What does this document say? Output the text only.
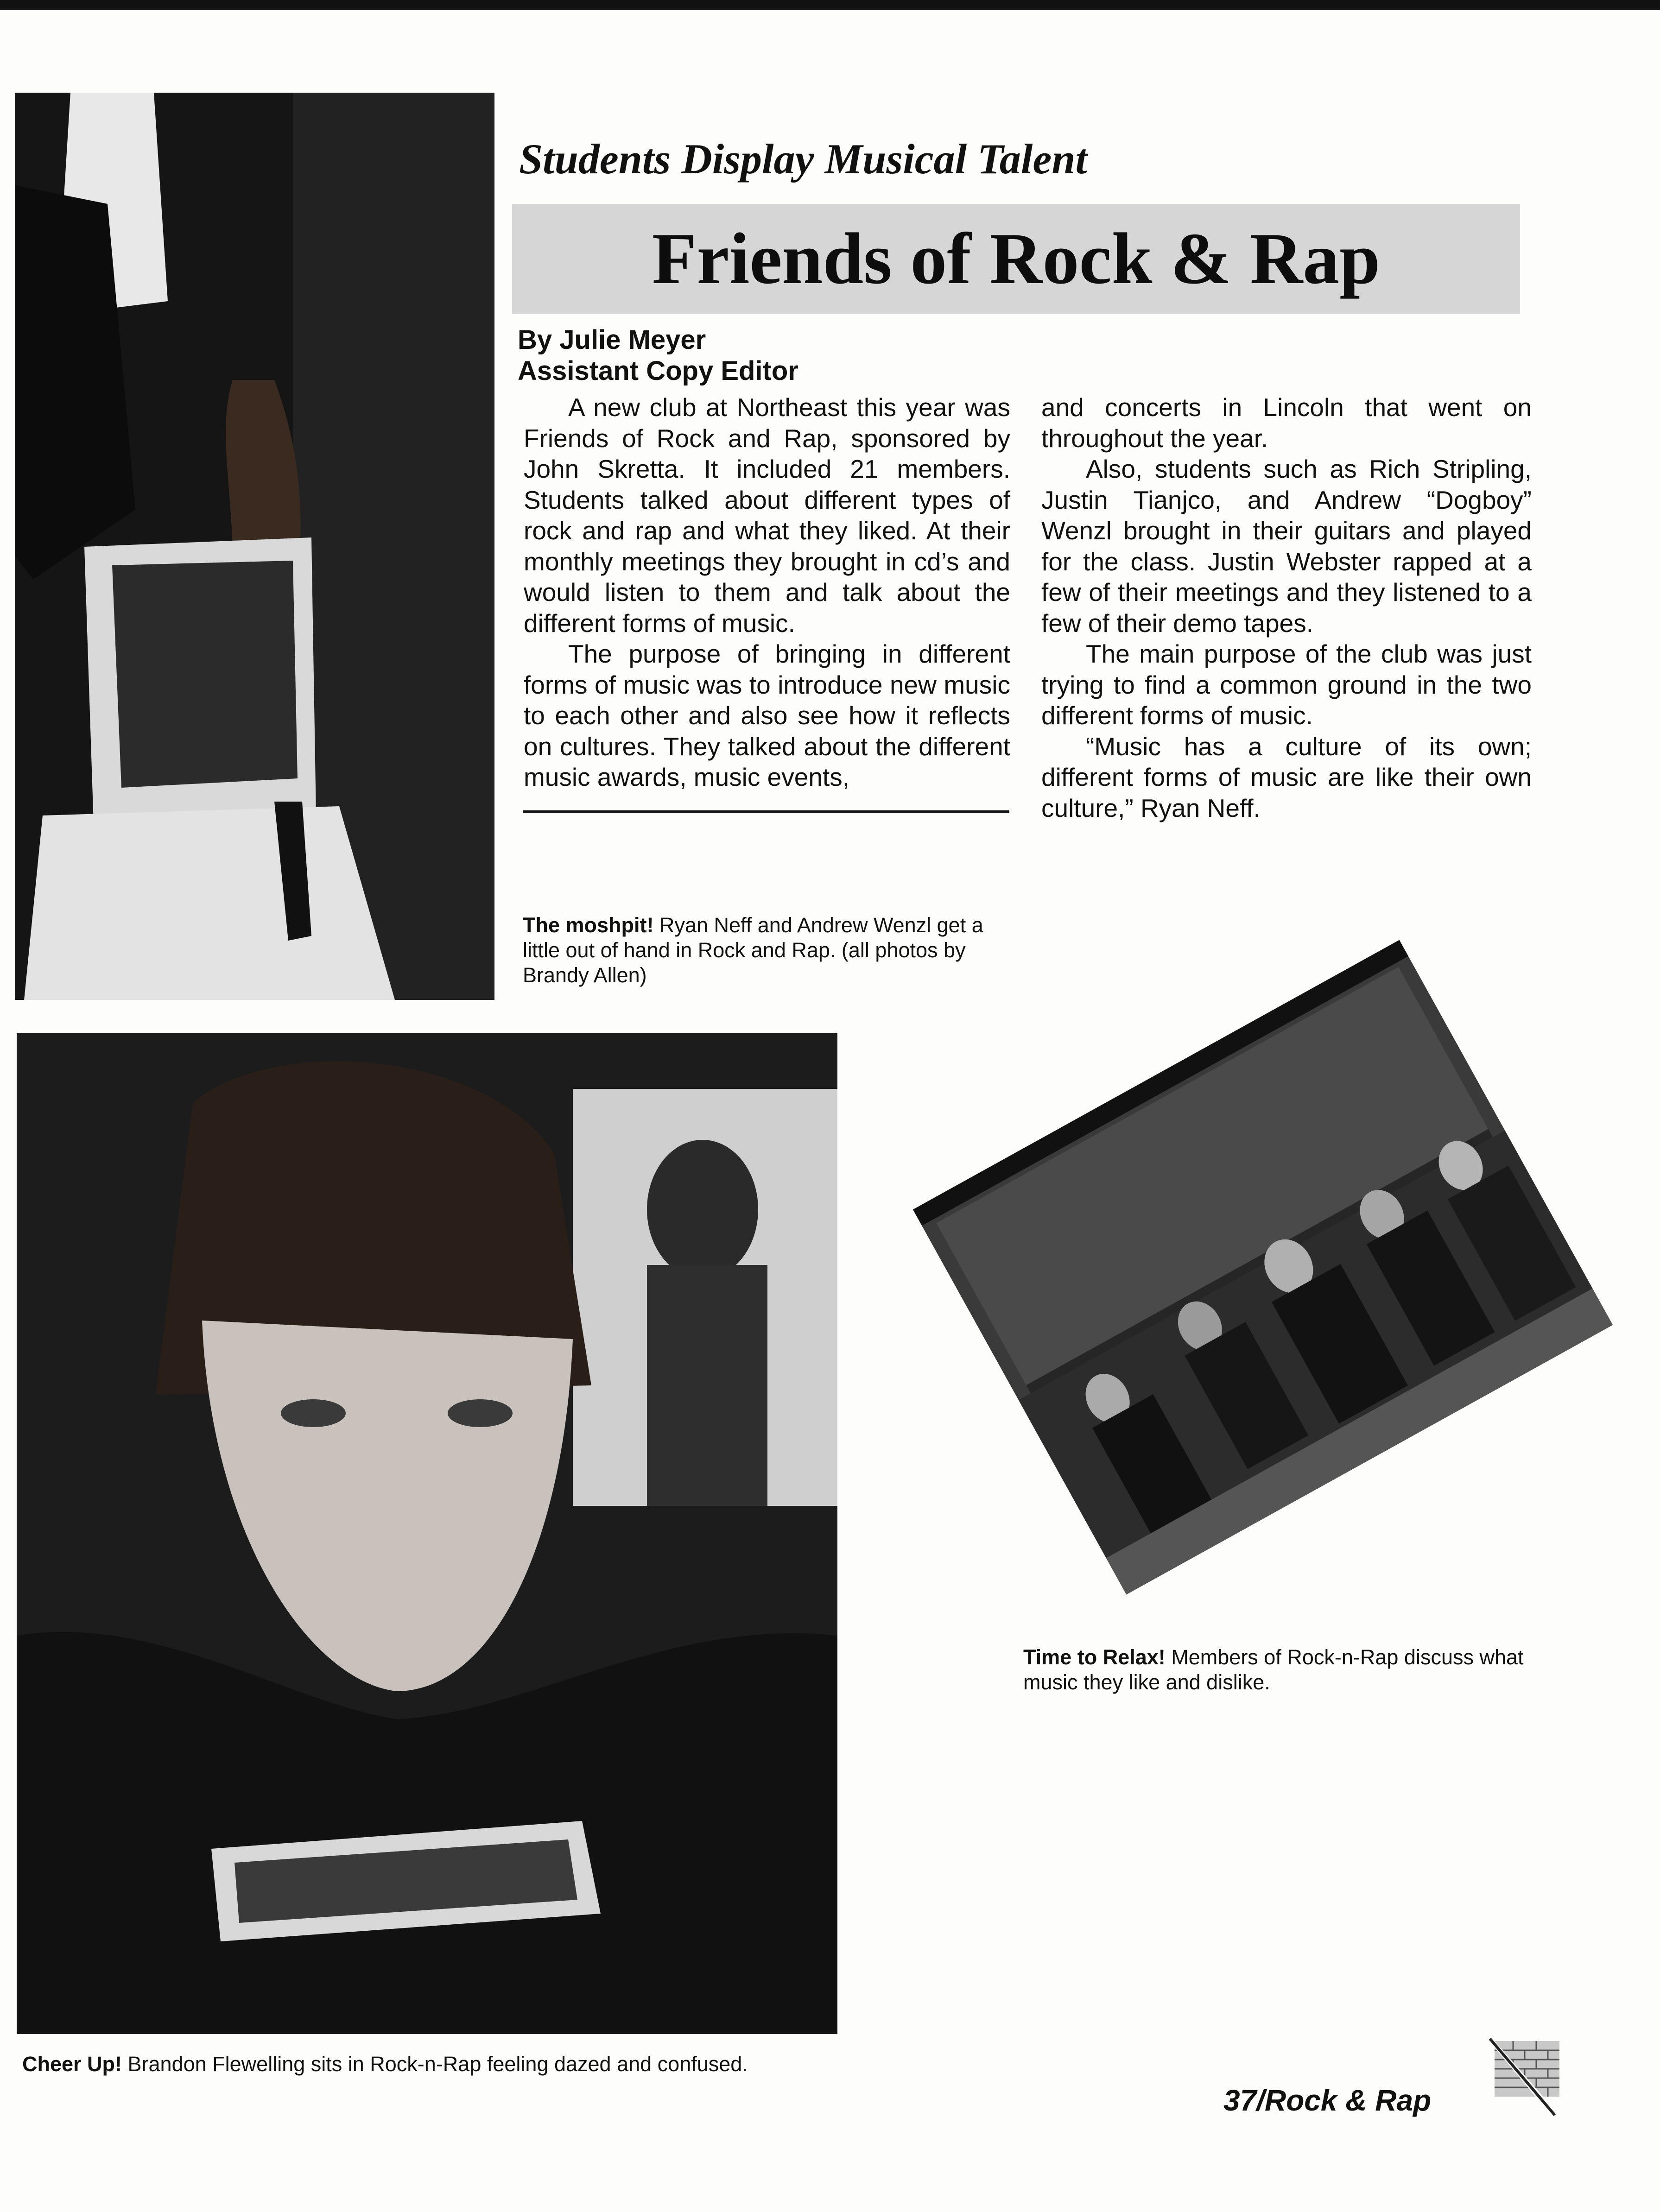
Students Display Musical Talent
Friends of Rock & Rap
By Julie Meyer
Assistant Copy Editor

A new club at Northeast this year was Friends of Rock and Rap, sponsored by John Skretta. It included 21 members. Students talked about different types of rock and rap and what they liked. At their monthly meetings they brought in cd’s and would listen to them and talk about the different forms of music.

The purpose of bringing in different forms of music was to introduce new music to each other and also see how it reflects on cultures. They talked about the different music awards, music events,

and concerts in Lincoln that went on throughout the year.

Also, students such as Rich Stripling, Justin Tianjco, and Andrew “Dogboy” Wenzl brought in their guitars and played for the class. Justin Webster rapped at a few of their meetings and they listened to a few of their demo tapes.

The main purpose of the club was just trying to find a common ground in the two different forms of music.

“Music has a culture of its own; different forms of music are like their own culture,” Ryan Neff.

The moshpit! Ryan Neff and Andrew Wenzl get a little out of hand in Rock and Rap. (all photos by Brandy Allen)
Cheer Up! Brandon Flewelling sits in Rock-n-Rap feeling dazed and confused.
Time to Relax! Members of Rock-n-Rap discuss what music they like and dislike.
37/Rock & Rap
